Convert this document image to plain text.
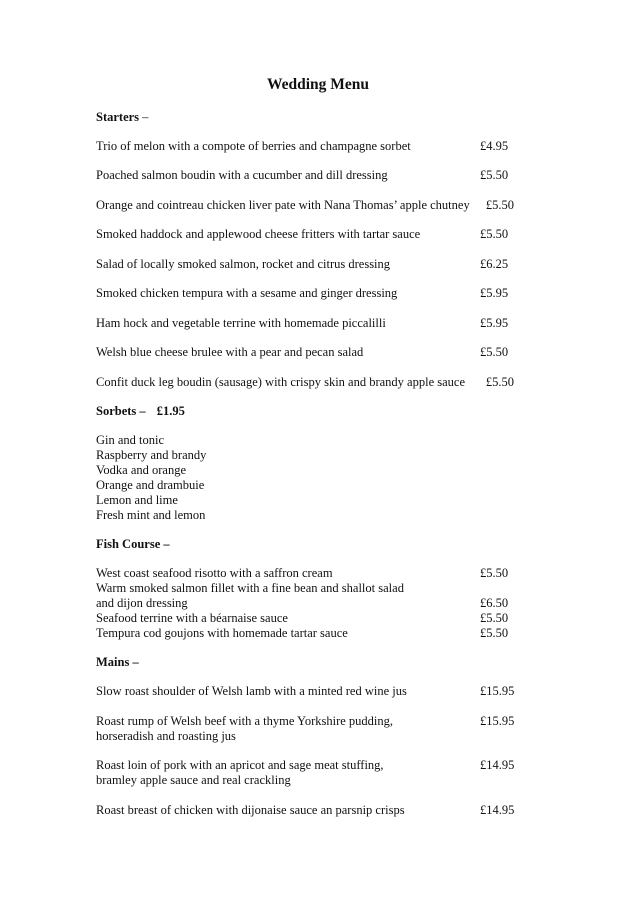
Wedding Menu
Starters –
Trio of melon with a compote of berries and champagne sorbet	£4.95
Poached salmon boudin with a cucumber and dill dressing	£5.50
Orange and cointreau chicken liver pate with Nana Thomas’ apple chutney £5.50
Smoked haddock and applewood cheese fritters with tartar sauce	£5.50
Salad of locally smoked salmon, rocket and citrus dressing	£6.25
Smoked chicken tempura with a sesame and ginger dressing	£5.95
Ham hock and vegetable terrine with homemade piccalilli	£5.95
Welsh blue cheese brulee with a pear and pecan salad	£5.50
Confit duck leg boudin (sausage) with crispy skin and brandy apple sauce £5.50
Sorbets – £1.95
Gin and tonic
Raspberry and brandy
Vodka and orange
Orange and drambuie
Lemon and lime
Fresh mint and lemon
Fish Course –
West coast seafood risotto with a saffron cream	£5.50
Warm smoked salmon fillet with a fine bean and shallot salad
and dijon dressing	£6.50
Seafood terrine with a béarnaise sauce	£5.50
Tempura cod goujons with homemade tartar sauce	£5.50
Mains –
Slow roast shoulder of Welsh lamb with a minted red wine jus	£15.95
Roast rump of Welsh beef with a thyme Yorkshire pudding,
horseradish and roasting jus
£15.95
Roast loin of pork with an apricot and sage meat stuffing,
bramley apple sauce and real crackling
£14.95
Roast breast of chicken with dijonaise sauce an parsnip crisps	£14.95
